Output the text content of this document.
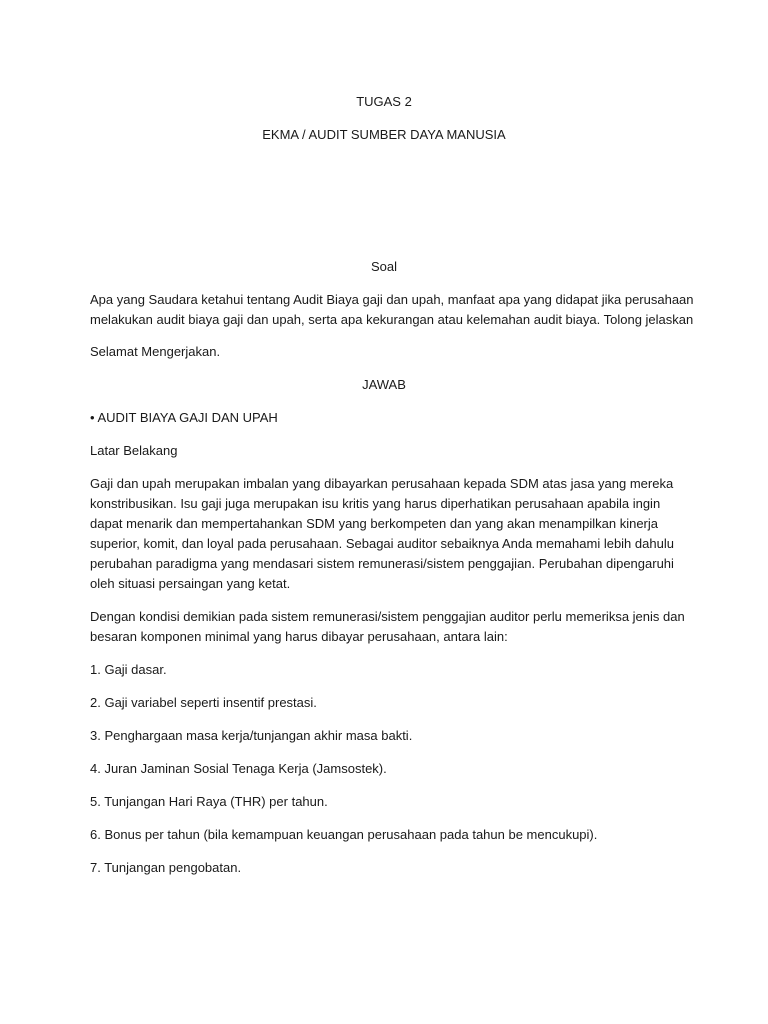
TUGAS 2

EKMA / AUDIT SUMBER DAYA MANUSIA

Soal

Apa yang Saudara ketahui tentang Audit Biaya gaji dan upah, manfaat apa yang didapat jika perusahaan

melakukan audit biaya gaji dan upah, serta apa kekurangan atau kelemahan audit biaya. Tolong jelaskan

Selamat Mengerjakan.

JAWAB

• AUDIT BIAYA GAJI DAN UPAH

Latar Belakang

Gaji dan upah merupakan imbalan yang dibayarkan perusahaan kepada SDM atas jasa yang mereka

konstribusikan. Isu gaji juga merupakan isu kritis yang harus diperhatikan perusahaan apabila ingin

dapat menarik dan mempertahankan SDM yang berkompeten dan yang akan menampilkan kinerja

superior, komit, dan loyal pada perusahaan. Sebagai auditor sebaiknya Anda memahami lebih dahulu

perubahan paradigma yang mendasari sistem remunerasi/sistem penggajian. Perubahan dipengaruhi

oleh situasi persaingan yang ketat.

Dengan kondisi demikian pada sistem remunerasi/sistem penggajian auditor perlu memeriksa jenis dan

besaran komponen minimal yang harus dibayar perusahaan, antara lain:

1. Gaji dasar.

2. Gaji variabel seperti insentif prestasi.

3. Penghargaan masa kerja/tunjangan akhir masa bakti.

4. Juran Jaminan Sosial Tenaga Kerja (Jamsostek).

5. Tunjangan Hari Raya (THR) per tahun.

6. Bonus per tahun (bila kemampuan keuangan perusahaan pada tahun be mencukupi).

7. Tunjangan pengobatan.
